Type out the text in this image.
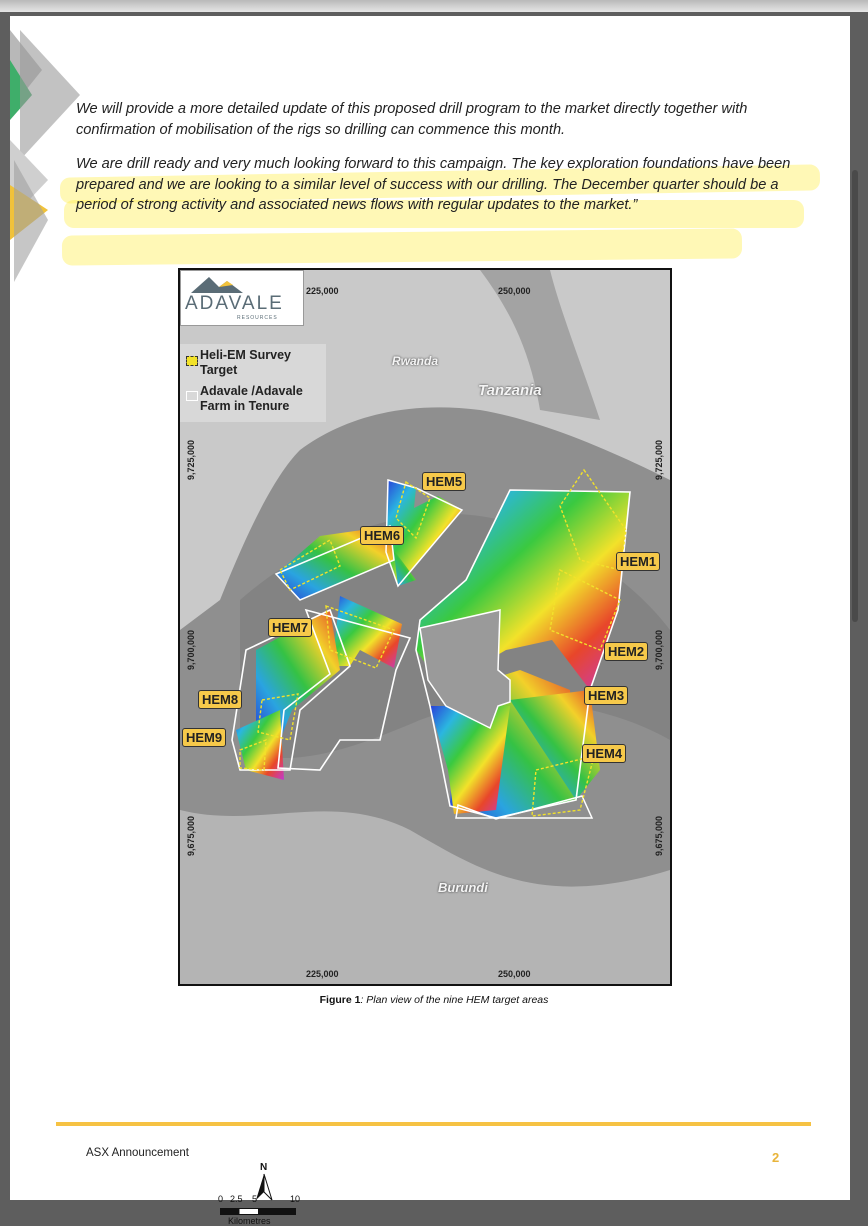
We will provide a more detailed update of this proposed drill program to the market directly together with confirmation of mobilisation of the rigs so drilling can commence this month.

We are drill ready and very much looking forward to this campaign. The key exploration foundations have been prepared and we are looking to a similar level of success with our drilling. The December quarter should be a period of strong activity and associated news flows with regular updates to the market.”

ADAVALE
RESOURCES
Heli-EM Survey Target
Adavale /Adavale Farm in Tenure
225,000	250,000
225,000	250,000
9,725,000
9,700,000
9,675,000
9,725,000
9,700,000
9,675,000
Rwanda
Tanzania
Burundi
HEM1
HEM2
HEM3
HEM4
HEM5
HEM6
HEM7
HEM8
HEM9
N
0 2.5 5	10
Kilometres
Figure 1: Plan view of the nine HEM target areas
ASX Announcement	2
